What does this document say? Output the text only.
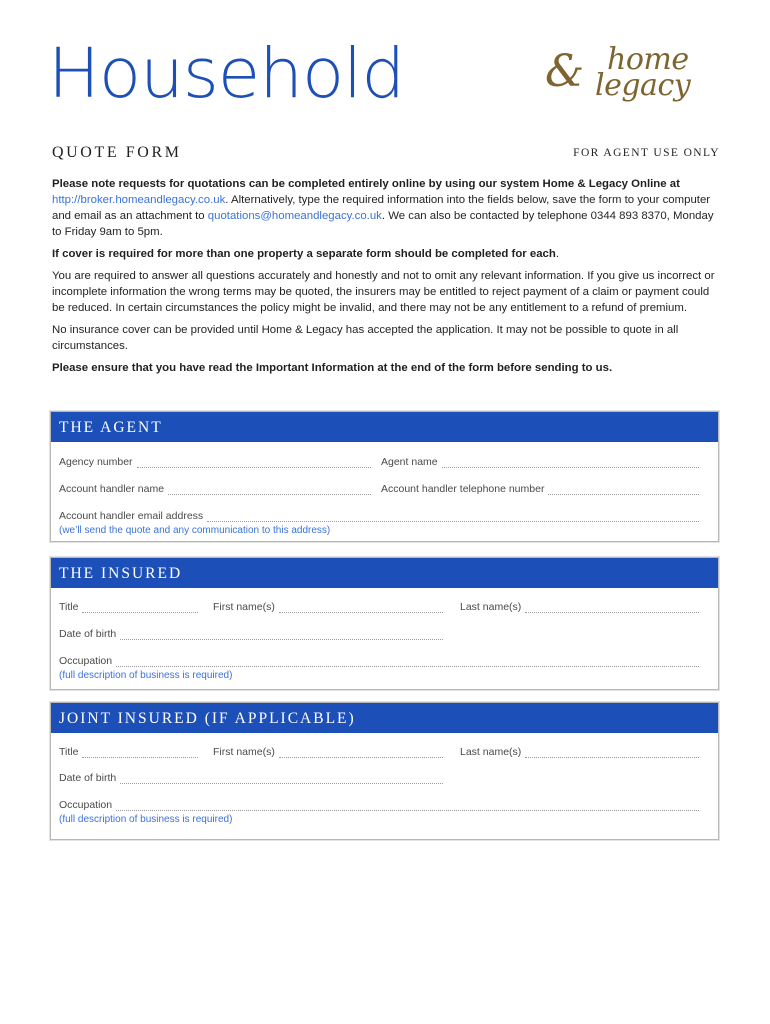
Household	& home
legacy
QUOTE FORM	FOR AGENT USE ONLY

Please note requests for quotations can be completed entirely online by using our system Home & Legacy Online at http://broker.homeandlegacy.co.uk. Alternatively, type the required information into the fields below, save the form to your computer and email as an attachment to quotations@homeandlegacy.co.uk. We can also be contacted by telephone 0344 893 8370, Monday to Friday 9am to 5pm.

If cover is required for more than one property a separate form should be completed for each.

You are required to answer all questions accurately and honestly and not to omit any relevant information. If you give us incorrect or incomplete information the wrong terms may be quoted, the insurers may be entitled to reject payment of a claim or payment could be reduced. In certain circumstances the policy might be invalid, and there may not be any entitlement to a refund of premium.

No insurance cover can be provided until Home & Legacy has accepted the application. It may not be possible to quote in all circumstances.

Please ensure that you have read the Important Information at the end of the form before sending to us.

THE AGENT
Agency number	Agent name
Account handler name	Account handler telephone number
Account handler email address
(we’ll send the quote and any communication to this address)
THE INSURED
Title	First name(s)	Last name(s)
Date of birth
Occupation
(full description of business is required)
JOINT INSURED (IF APPLICABLE)
Title	First name(s)	Last name(s)
Date of birth
Occupation
(full description of business is required)
